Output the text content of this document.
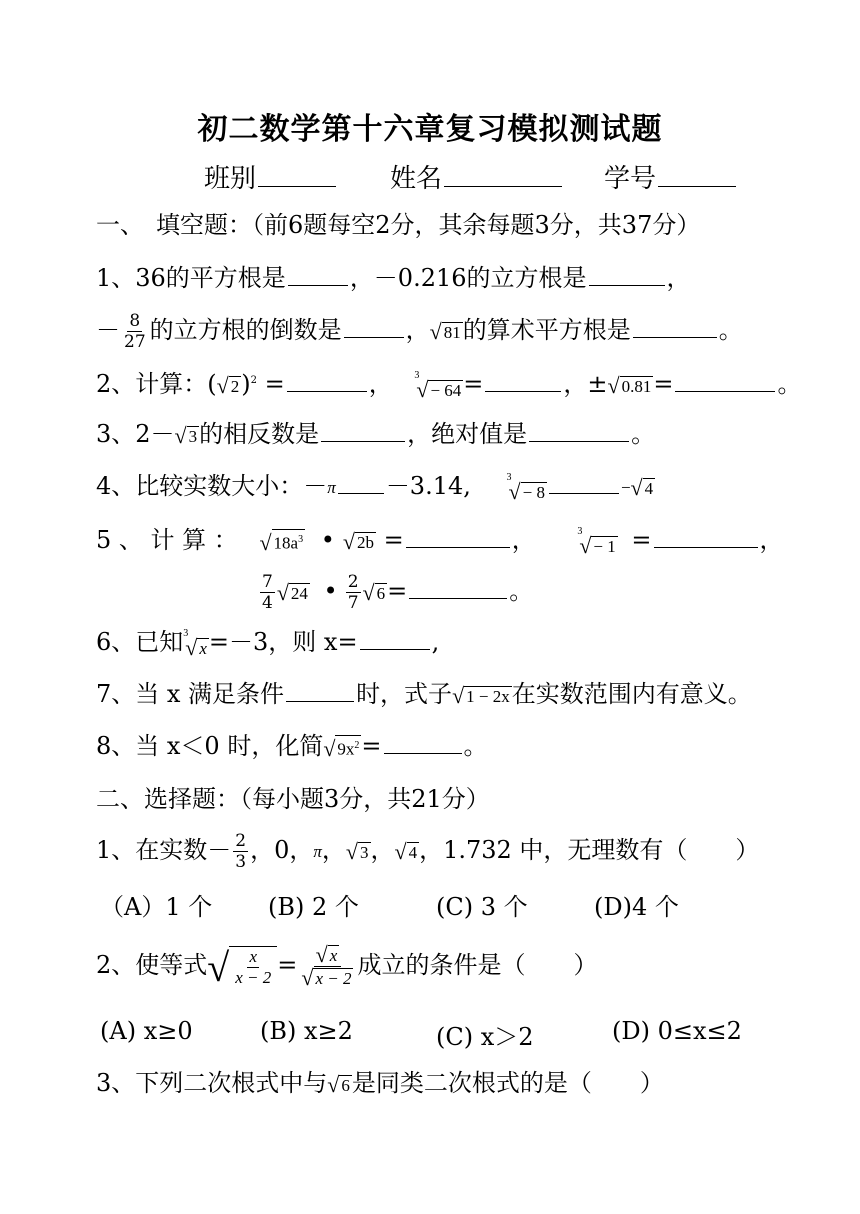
初二数学第十六章复习模拟测试题
班别	姓名	学号
一、　填空题：（前6题每空2分，其余每题3分，共37分）
1、36的平方根是	，－0.216的立方根是	，
－ $\frac{8}{27}$ 的立方根的倒数是	， √ 81 的算术平方根是	。
2、计算：( √ 2 )$^2$ =	， 3
√ − 64 =	，± √ 0.81 =	。
3、2－ √ 3 的相反数是	，绝对值是	。
4、比较实数大小：－π －3.14,	3
√ − 8	− √ 4
5 、 计 算 ： √ $18a^3$ • √ 2b =	，	3
√ − 1 =	，
$\frac{7}{4}$ √ 24 • $\frac{2}{7}$ √ 6 =	。
6、已知 3
√ x =－3，则 x=	,
7、当 x 满足条件	时，式子 √ 1 − 2x 在实数范围内有意义。
8、当 x＜0 时，化简 √ $9x^2$ =	。
二、选择题：（每小题3分，共21分）
1、在实数－ $\frac{2}{3}$ ，0，π， √ 3 ， √ 4 ，1.732 中，无理数有（　　）
（A）1 个 (B) 2 个	(C) 3 个	(D)4 个
2、使等式 √ $\frac{x}{x - 2} = \frac{√ x}{√ x - 2}$ 成立的条件是（　　）
(A) x≥0	(B) x≥2	(C) x＞2	(D) 0≤x≤2
3、下列二次根式中与 √ 6 是同类二次根式的是（　　）
